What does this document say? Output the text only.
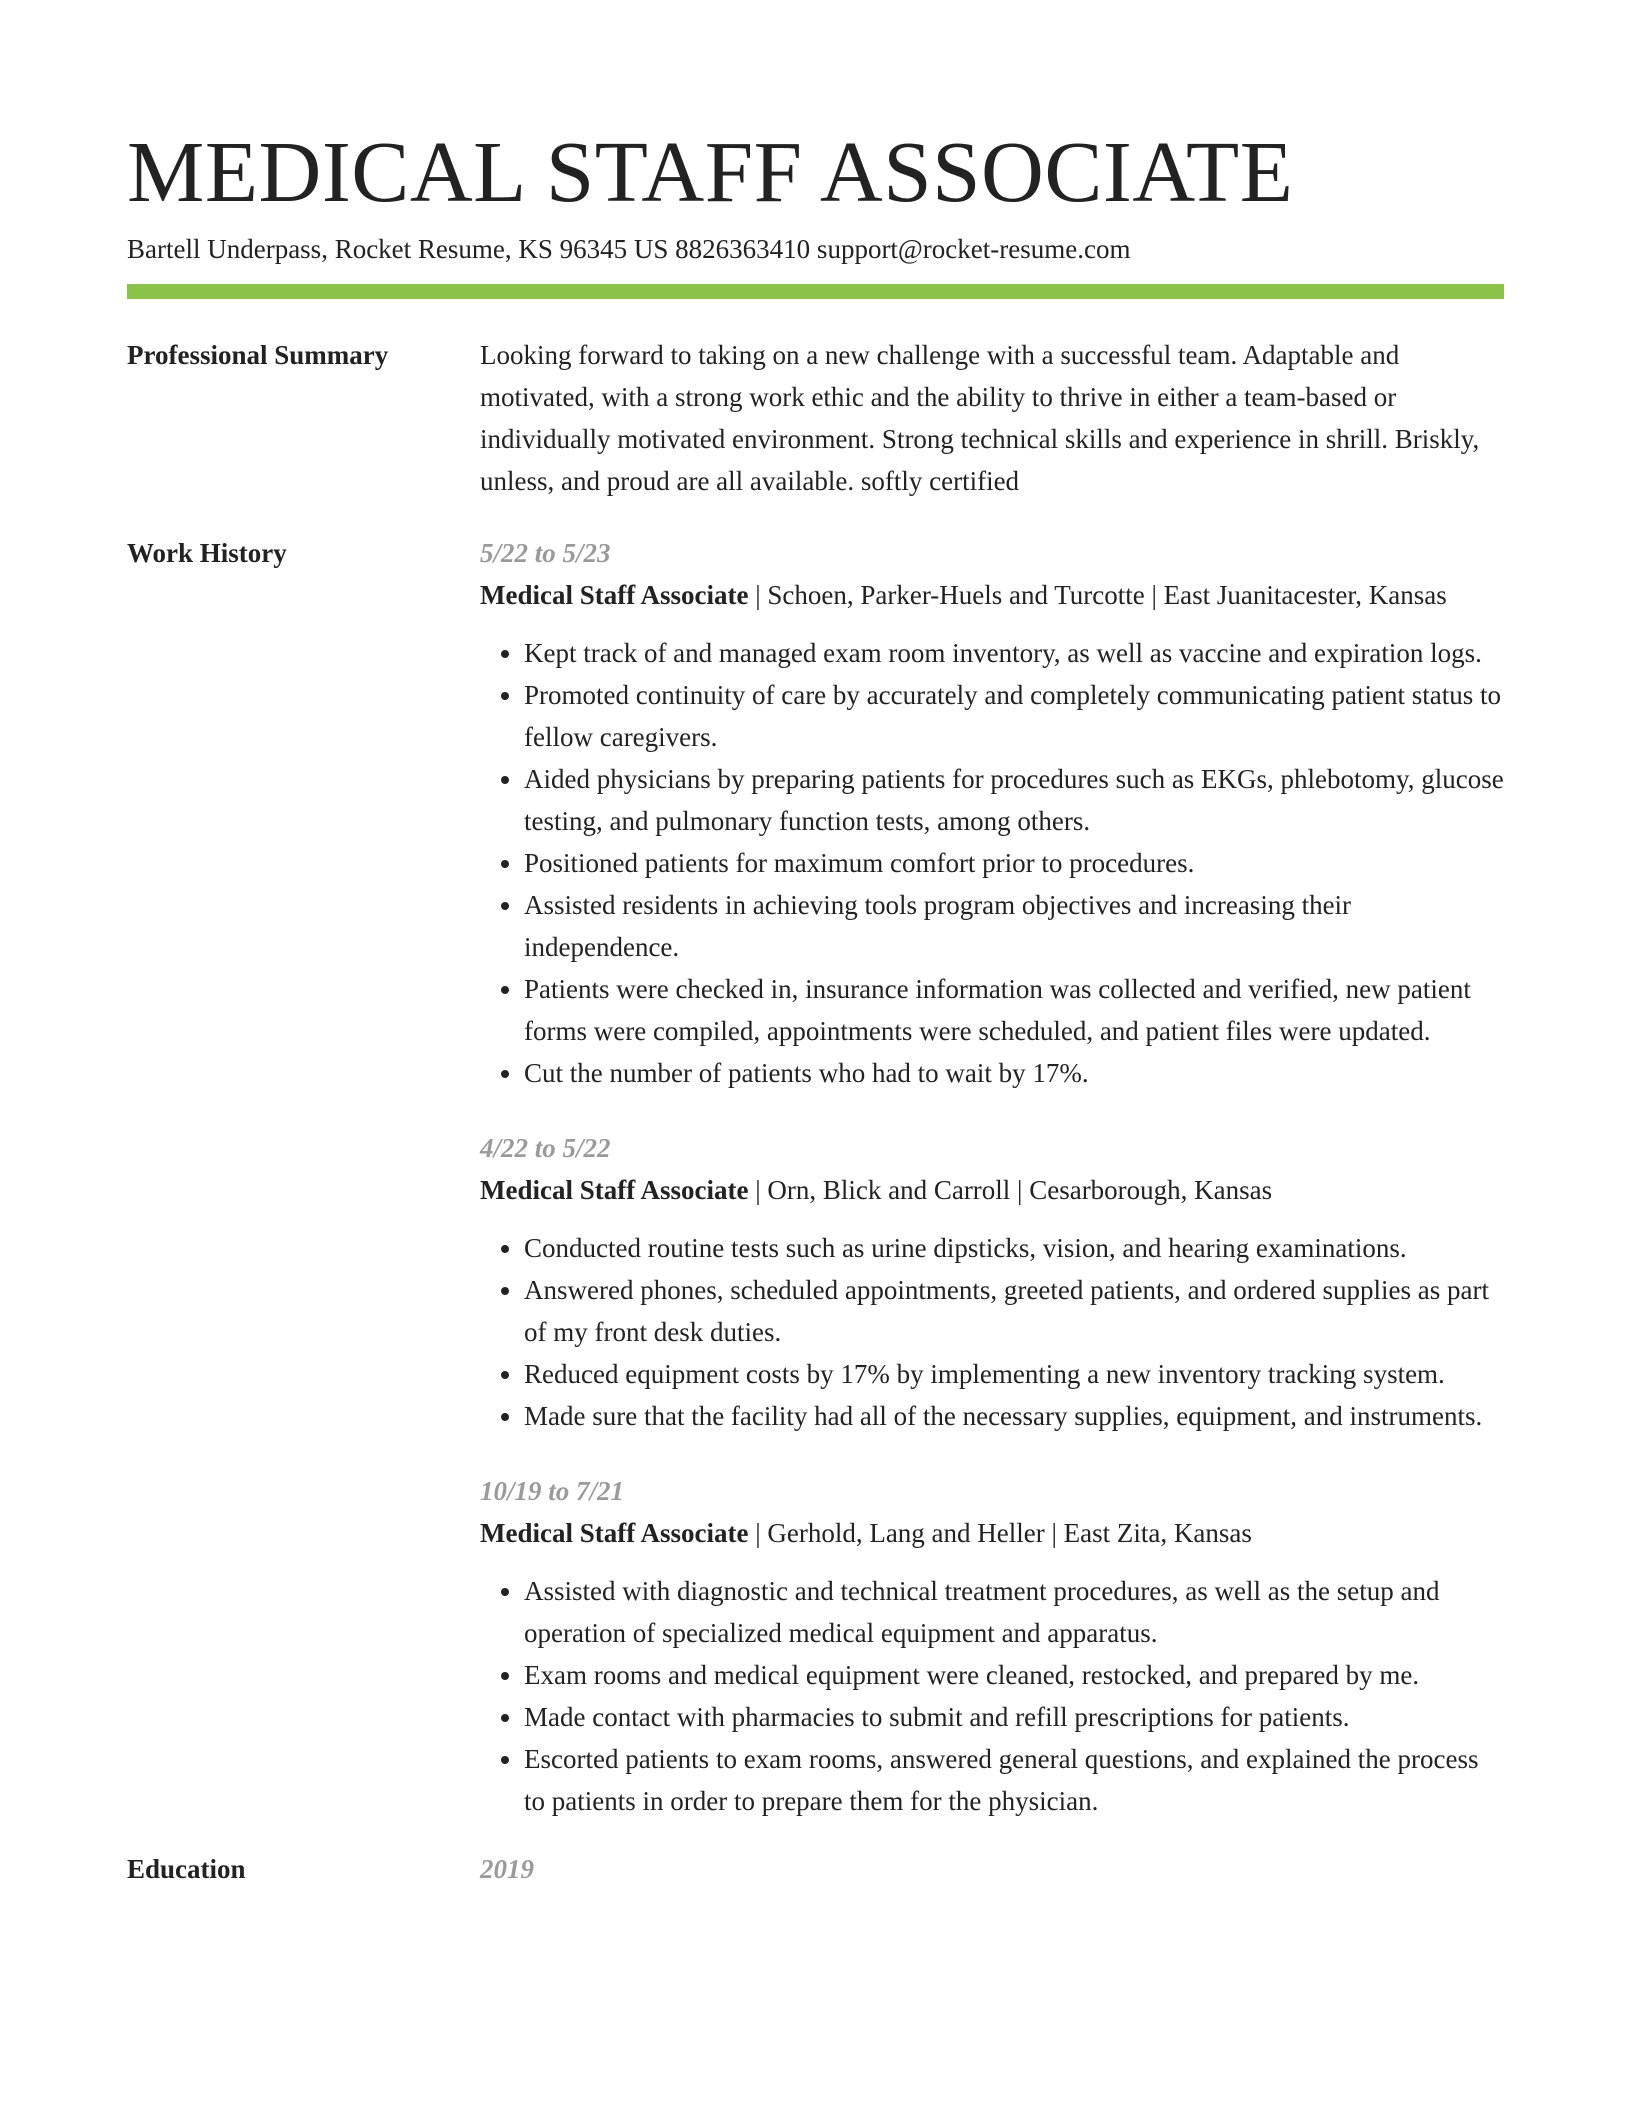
MEDICAL STAFF ASSOCIATE
Bartell Underpass, Rocket Resume, KS 96345 US 8826363410 support@rocket-resume.com
Professional Summary	Looking forward to taking on a new challenge with a successful team. Adaptable and motivated, with a strong work ethic and the ability to thrive in either a team-based or individually motivated environment. Strong technical skills and experience in shrill. Briskly, unless, and proud are all available. softly certified

Work History	5/22 to 5/23

Medical Staff Associate | Schoen, Parker-Huels and Turcotte | East Juanitacester, Kansas

• Kept track of and managed exam room inventory, as well as vaccine and expiration logs.
• Promoted continuity of care by accurately and completely communicating patient status to fellow caregivers.
• Aided physicians by preparing patients for procedures such as EKGs, phlebotomy, glucose testing, and pulmonary function tests, among others.
• Positioned patients for maximum comfort prior to procedures.
• Assisted residents in achieving tools program objectives and increasing their independence.
• Patients were checked in, insurance information was collected and verified, new patient forms were compiled, appointments were scheduled, and patient files were updated.
• Cut the number of patients who had to wait by 17%.
4/22 to 5/22

Medical Staff Associate | Orn, Blick and Carroll | Cesarborough, Kansas

• Conducted routine tests such as urine dipsticks, vision, and hearing examinations.
• Answered phones, scheduled appointments, greeted patients, and ordered supplies as part of my front desk duties.
• Reduced equipment costs by 17% by implementing a new inventory tracking system.
• Made sure that the facility had all of the necessary supplies, equipment, and instruments.
10/19 to 7/21

Medical Staff Associate | Gerhold, Lang and Heller | East Zita, Kansas

• Assisted with diagnostic and technical treatment procedures, as well as the setup and operation of specialized medical equipment and apparatus.
• Exam rooms and medical equipment were cleaned, restocked, and prepared by me.
• Made contact with pharmacies to submit and refill prescriptions for patients.
• Escorted patients to exam rooms, answered general questions, and explained the process to patients in order to prepare them for the physician.
Education	2019
